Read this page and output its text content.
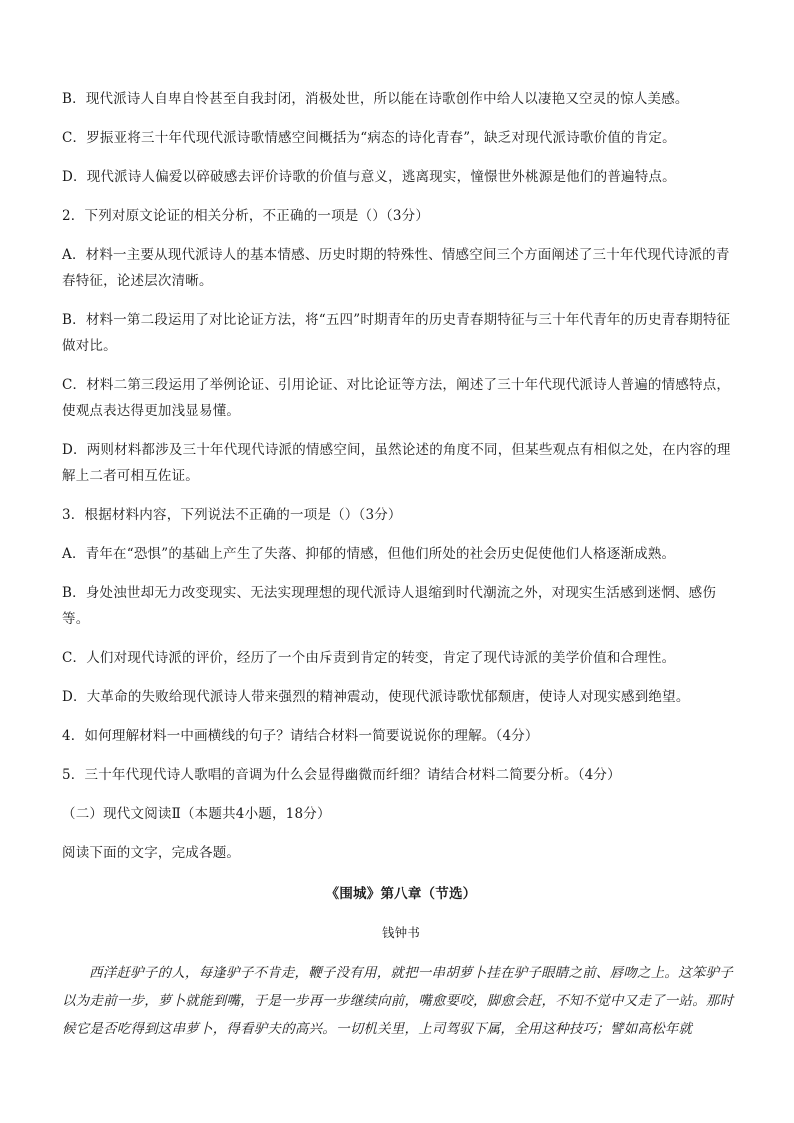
B．现代派诗人自卑自怜甚至自我封闭，消极处世，所以能在诗歌创作中给人以凄艳又空灵的惊人美感。

C．罗振亚将三十年代现代派诗歌情感空间概括为“病态的诗化青春”，缺乏对现代派诗歌价值的肯定。

D．现代派诗人偏爱以碎破感去评价诗歌的价值与意义，逃离现实，憧憬世外桃源是他们的普遍特点。

2．下列对原文论证的相关分析，不正确的一项是（）（3分）

A．材料一主要从现代派诗人的基本情感、历史时期的特殊性、情感空间三个方面阐述了三十年代现代诗派的青春特征，论述层次清晰。

B．材料一第二段运用了对比论证方法，将“五四”时期青年的历史青春期特征与三十年代青年的历史青春期特征做对比。

C．材料二第三段运用了举例论证、引用论证、对比论证等方法，阐述了三十年代现代派诗人普遍的情感特点，使观点表达得更加浅显易懂。

D．两则材料都涉及三十年代现代诗派的情感空间，虽然论述的角度不同，但某些观点有相似之处，在内容的理解上二者可相互佐证。

3．根据材料内容，下列说法不正确的一项是（）（3分）

A．青年在“恐惧”的基础上产生了失落、抑郁的情感，但他们所处的社会历史促使他们人格逐渐成熟。

B．身处浊世却无力改变现实、无法实现理想的现代派诗人退缩到时代潮流之外，对现实生活感到迷惘、感伤等。

C．人们对现代诗派的评价，经历了一个由斥责到肯定的转变，肯定了现代诗派的美学价值和合理性。

D．大革命的失败给现代派诗人带来强烈的精神震动，使现代派诗歌忧郁颓唐，使诗人对现实感到绝望。

4．如何理解材料一中画横线的句子？请结合材料一简要说说你的理解。（4分）

5．三十年代现代诗人歌唱的音调为什么会显得幽微而纤细？请结合材料二简要分析。（4分）

（二）现代文阅读Ⅱ（本题共4小题，18分）

阅读下面的文字，完成各题。

《围城》第八章（节选）

钱钟书

西洋赶驴子的人，每逢驴子不肯走，鞭子没有用，就把一串胡萝卜挂在驴子眼睛之前、唇吻之上。这笨驴子以为走前一步，萝卜就能到嘴，于是一步再一步继续向前，嘴愈要咬，脚愈会赶，不知不觉中又走了一站。那时候它是否吃得到这串萝卜，得看驴夫的高兴。一切机关里，上司驾驭下属，全用这种技巧；譬如高松年就
